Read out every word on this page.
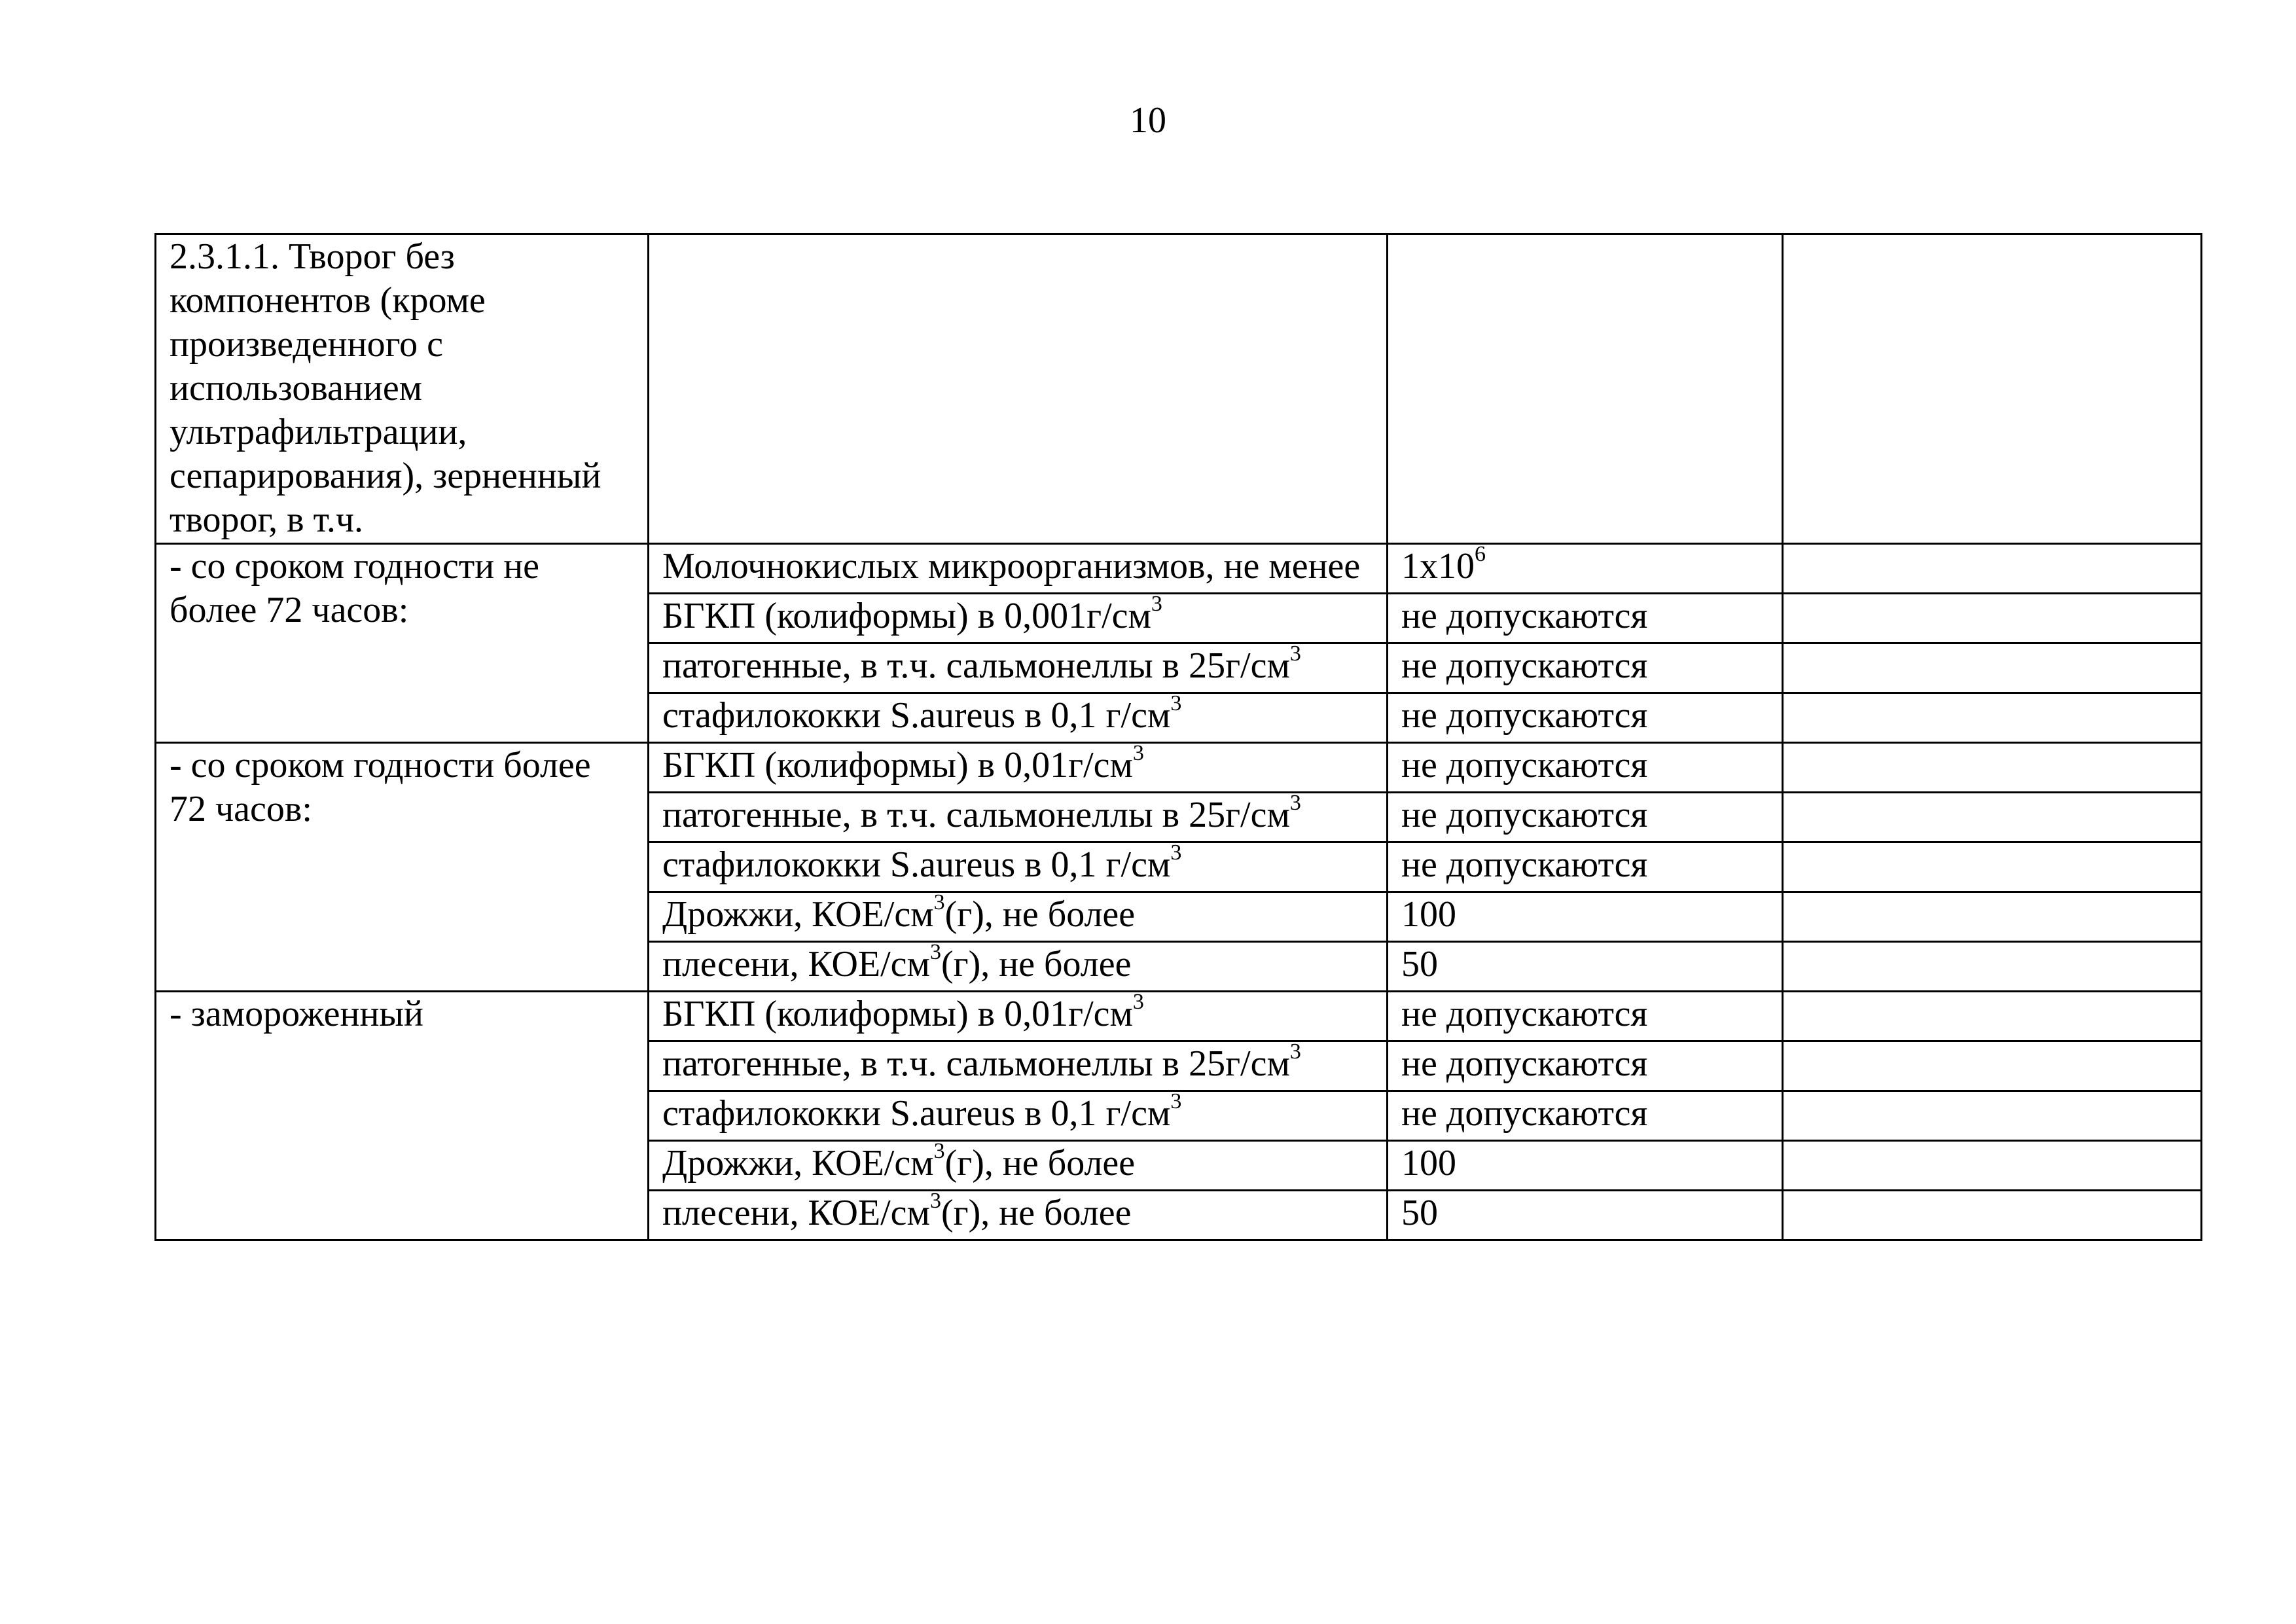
10
2.3.1.1. Творог без компонентов (кроме произведенного с использованием ультрафильтрации, сепарирования), зерненный творог, в т.ч.			
- со сроком годности не более 72 часов:	Молочнокислых микроорганизмов, не менее	$1х10^6$	
	БГКП (колиформы) в $0,001г/см^3$	не допускаются	
	патогенные, в т.ч. сальмонеллы в $25г/см^3$	не допускаются	
	стафилококки S.aureus в 0,1 $г/см^3$	не допускаются	
- со сроком годности более 72 часов:	БГКП (колиформы) в $0,01г/см^3$	не допускаются	
	патогенные, в т.ч. сальмонеллы в $25г/см^3$	не допускаются	
	стафилококки S.aureus в 0,1 $г/см^3$	не допускаются	
	Дрожжи, КОЕ/$см^3(г)$, не более	100	
	плесени, КОЕ/$см^3(г)$, не более	50	
- замороженный	БГКП (колиформы) в $0,01г/см^3$	не допускаются	
	патогенные, в т.ч. сальмонеллы в $25г/см^3$	не допускаются	
	стафилококки S.aureus в 0,1 $г/см^3$	не допускаются	
	Дрожжи, КОЕ/$см^3(г)$, не более	100	
	плесени, КОЕ/$см^3(г)$, не более	50	
